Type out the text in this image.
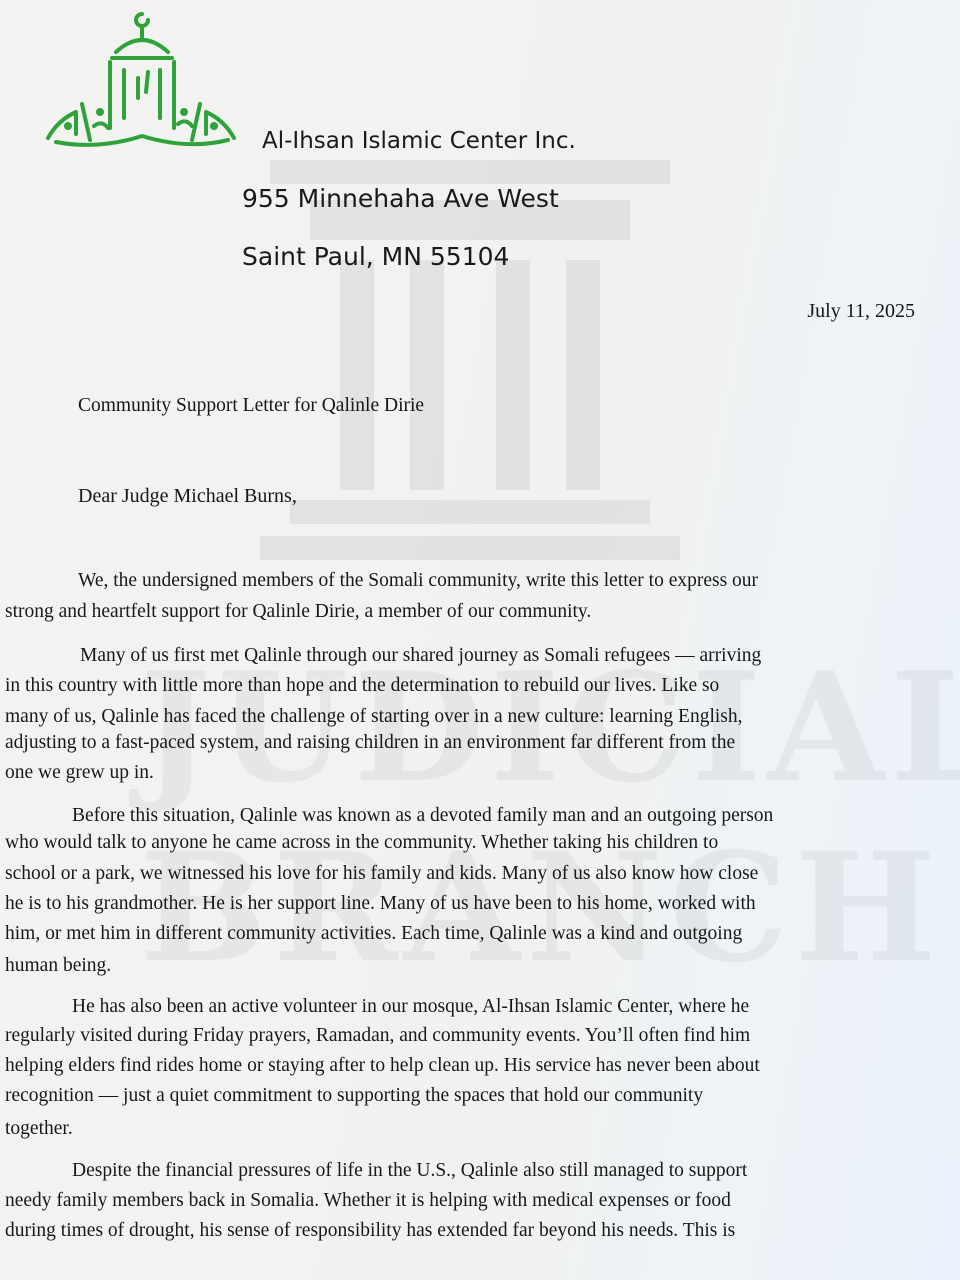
Al-Ihsan Islamic Center Inc.
955 Minnehaha Ave West
Saint Paul, MN 55104
July 11, 2025
Community Support Letter for Qalinle Dirie
Dear Judge Michael Burns,
We, the undersigned members of the Somali community, write this letter to express our
strong and heartfelt support for Qalinle Dirie, a member of our community.
Many of us first met Qalinle through our shared journey as Somali refugees — arriving
in this country with little more than hope and the determination to rebuild our lives. Like so
many of us, Qalinle has faced the challenge of starting over in a new culture: learning English,
adjusting to a fast-paced system, and raising children in an environment far different from the
one we grew up in.
Before this situation, Qalinle was known as a devoted family man and an outgoing person
who would talk to anyone he came across in the community. Whether taking his children to
school or a park, we witnessed his love for his family and kids. Many of us also know how close
he is to his grandmother. He is her support line. Many of us have been to his home, worked with
him, or met him in different community activities. Each time, Qalinle was a kind and outgoing
human being.
He has also been an active volunteer in our mosque, Al-Ihsan Islamic Center, where he
regularly visited during Friday prayers, Ramadan, and community events. You’ll often find him
helping elders find rides home or staying after to help clean up. His service has never been about
recognition — just a quiet commitment to supporting the spaces that hold our community
together.
Despite the financial pressures of life in the U.S., Qalinle also still managed to support
needy family members back in Somalia. Whether it is helping with medical expenses or food
during times of drought, his sense of responsibility has extended far beyond his needs. This is
